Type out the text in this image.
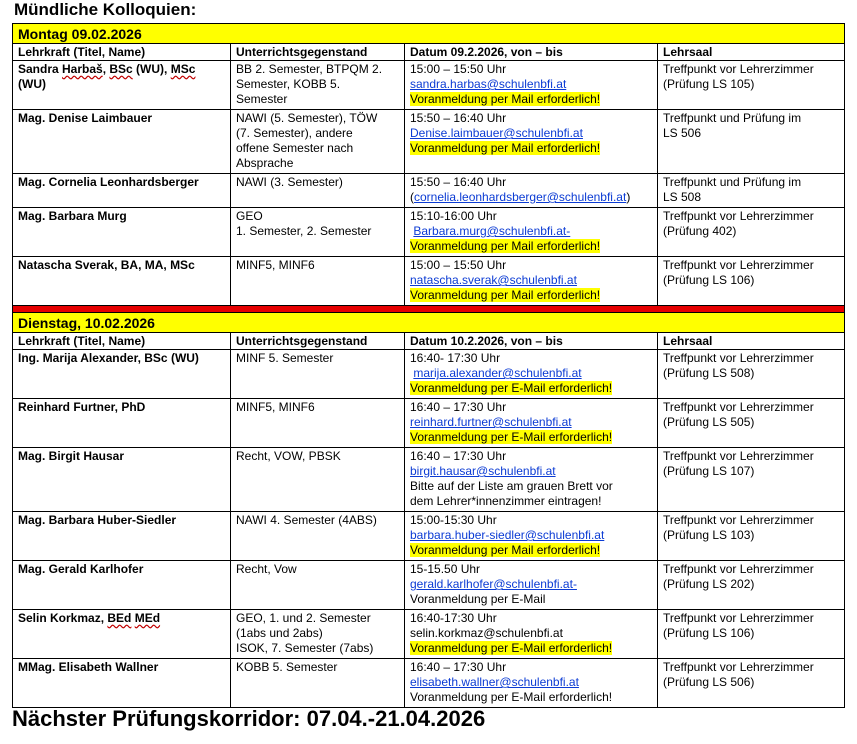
Mündliche Kolloquien:
Montag 09.02.2026			
Lehrkraft (Titel, Name)	Unterrichtsgegenstand	Datum 09.2.2026, von – bis	Lehrsaal
Sandra Harbaš, BSc (WU), MSc
(WU)	BB 2. Semester, BTPQM 2.
Semester, KOBB 5.
Semester	15:00 – 15:50 Uhr
sandra.harbas@schulenbfi.at
Voranmeldung per Mail erforderlich!	Treffpunkt vor Lehrerzimmer
(Prüfung LS 105)

Mag. Denise Laimbauer	NAWI (5. Semester), TÖW
(7. Semester), andere
offene Semester nach
Absprache	15:50 – 16:40 Uhr
Denise.laimbauer@schulenbfi.at
Voranmeldung per Mail erforderlich!	Treffpunkt und Prüfung im
LS 506

Mag. Cornelia Leonhardsberger	NAWI (3. Semester)	15:50 – 16:40 Uhr
(cornelia.leonhardsberger@schulenbfi.at)	Treffpunkt und Prüfung im
LS 508

Mag. Barbara Murg	GEO
1. Semester, 2. Semester	15:10-16:00 Uhr
Barbara.murg@schulenbfi.at-
Voranmeldung per Mail erforderlich!	Treffpunkt vor Lehrerzimmer
(Prüfung 402)

Natascha Sverak, BA, MA, MSc	MINF5, MINF6	15:00 – 15:50 Uhr
natascha.sverak@schulenbfi.at
Voranmeldung per Mail erforderlich!	Treffpunkt vor Lehrerzimmer
(Prüfung LS 106)

Dienstag, 10.02.2026			
Lehrkraft (Titel, Name)	Unterrichtsgegenstand	Datum 10.2.2026, von – bis	Lehrsaal
Ing. Marija Alexander, BSc (WU)	MINF 5. Semester	16:40- 17:30 Uhr
marija.alexander@schulenbfi.at
Voranmeldung per E-Mail erforderlich!	Treffpunkt vor Lehrerzimmer
(Prüfung LS 508)

Reinhard Furtner, PhD	MINF5, MINF6	16:40 – 17:30 Uhr
reinhard.furtner@schulenbfi.at
Voranmeldung per E-Mail erforderlich!	Treffpunkt vor Lehrerzimmer
(Prüfung LS 505)

Mag. Birgit Hausar	Recht, VOW, PBSK	16:40 – 17:30 Uhr
birgit.hausar@schulenbfi.at
Bitte auf der Liste am grauen Brett vor
dem Lehrer*innenzimmer eintragen!	Treffpunkt vor Lehrerzimmer
(Prüfung LS 107)

Mag. Barbara Huber-Siedler	NAWI 4. Semester (4ABS)	15:00-15:30 Uhr
barbara.huber-siedler@schulenbfi.at
Voranmeldung per Mail erforderlich!	Treffpunkt vor Lehrerzimmer
(Prüfung LS 103)

Mag. Gerald Karlhofer	Recht, Vow	15-15.50 Uhr
gerald.karlhofer@schulenbfi.at-
Voranmeldung per E-Mail	Treffpunkt vor Lehrerzimmer
(Prüfung LS 202)

Selin Korkmaz, BEd MEd	GEO, 1. und 2. Semester
(1abs und 2abs)
ISOK, 7. Semester (7abs)	16:40-17:30 Uhr
selin.korkmaz@schulenbfi.at
Voranmeldung per E-Mail erforderlich!	Treffpunkt vor Lehrerzimmer
(Prüfung LS 106)

MMag. Elisabeth Wallner	KOBB 5. Semester	16:40 – 17:30 Uhr
elisabeth.wallner@schulenbfi.at
Voranmeldung per E-Mail erforderlich!	Treffpunkt vor Lehrerzimmer
(Prüfung LS 506)
Nächster Prüfungskorridor: 07.04.-21.04.2026
